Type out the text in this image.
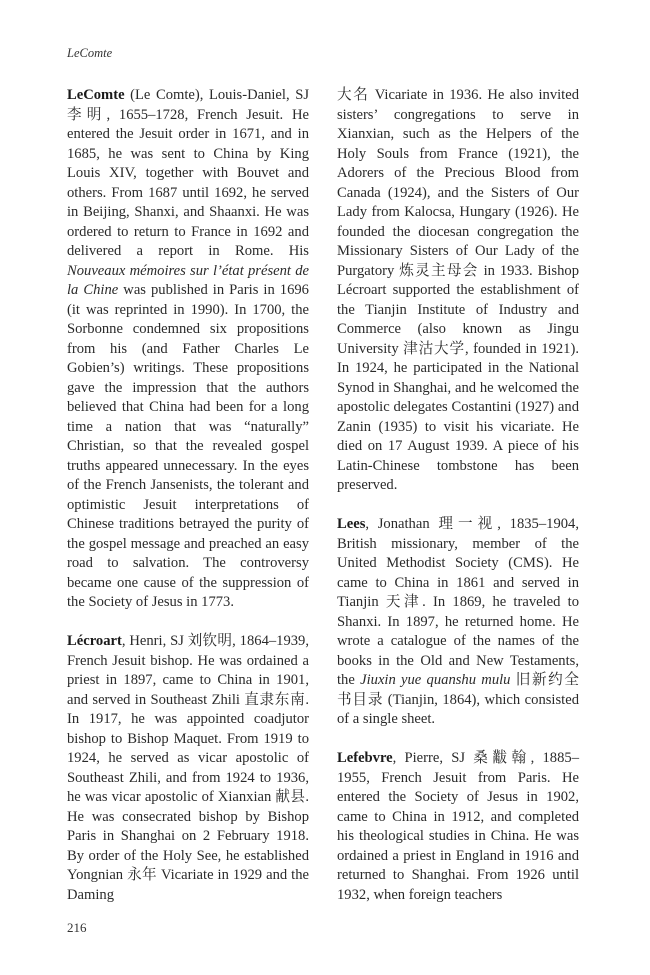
LeComte

LeComte (Le Comte), Louis-Daniel, SJ 李明, 1655–1728, French Jesuit. He entered the Jesuit order in 1671, and in 1685, he was sent to China by King Louis XIV, together with Bouvet and others. From 1687 until 1692, he served in Beijing, Shanxi, and Shaanxi. He was ordered to return to France in 1692 and delivered a report in Rome. His Nouveaux mémoires sur l’état présent de la Chine was published in Paris in 1696 (it was reprinted in 1990). In 1700, the Sorbonne condemned six propositions from his (and Father Charles Le Gobien’s) writings. These propositions gave the impression that the authors believed that China had been for a long time a nation that was “naturally” Christian, so that the revealed gospel truths appeared unnecessary. In the eyes of the French Jansenists, the tolerant and optimistic Jesuit interpretations of Chinese traditions betrayed the purity of the gospel message and preached an easy road to salvation. The controversy became one cause of the suppression of the Society of Jesus in 1773.

Lécroart, Henri, SJ 刘钦明, 1864–1939, French Jesuit bishop. He was ordained a priest in 1897, came to China in 1901, and served in Southeast Zhili 直隶东南. In 1917, he was appointed coadjutor bishop to Bishop Maquet. From 1919 to 1924, he served as vicar apostolic of Southeast Zhili, and from 1924 to 1936, he was vicar apostolic of Xianxian 献县. He was consecrated bishop by Bishop Paris in Shanghai on 2 February 1918. By order of the Holy See, he established Yongnian 永年 Vicariate in 1929 and the Daming

大名 Vicariate in 1936. He also invited sisters’ congregations to serve in Xianxian, such as the Helpers of the Holy Souls from France (1921), the Adorers of the Precious Blood from Canada (1924), and the Sisters of Our Lady from Kalocsa, Hungary (1926). He founded the diocesan congregation the Missionary Sisters of Our Lady of the Purgatory 炼灵主母会 in 1933. Bishop Lécroart supported the establishment of the Tianjin Institute of Industry and Commerce (also known as Jingu University 津沽大学, founded in 1921). In 1924, he participated in the National Synod in Shanghai, and he welcomed the apostolic delegates Costantini (1927) and Zanin (1935) to visit his vicariate. He died on 17 August 1939. A piece of his Latin-Chinese tombstone has been preserved.

Lees, Jonathan 理一视, 1835–1904, British missionary, member of the United Methodist Society (CMS). He came to China in 1861 and served in Tianjin 天津. In 1869, he traveled to Shanxi. In 1897, he returned home. He wrote a catalogue of the names of the books in the Old and New Testaments, the Jiuxin yue quanshu mulu 旧新约全书目录 (Tianjin, 1864), which consisted of a single sheet.

Lefebvre, Pierre, SJ 桑黻翰, 1885–1955, French Jesuit from Paris. He entered the Society of Jesus in 1902, came to China in 1912, and completed his theological studies in China. He was ordained a priest in England in 1916 and returned to Shanghai. From 1926 until 1932, when foreign teachers

216
